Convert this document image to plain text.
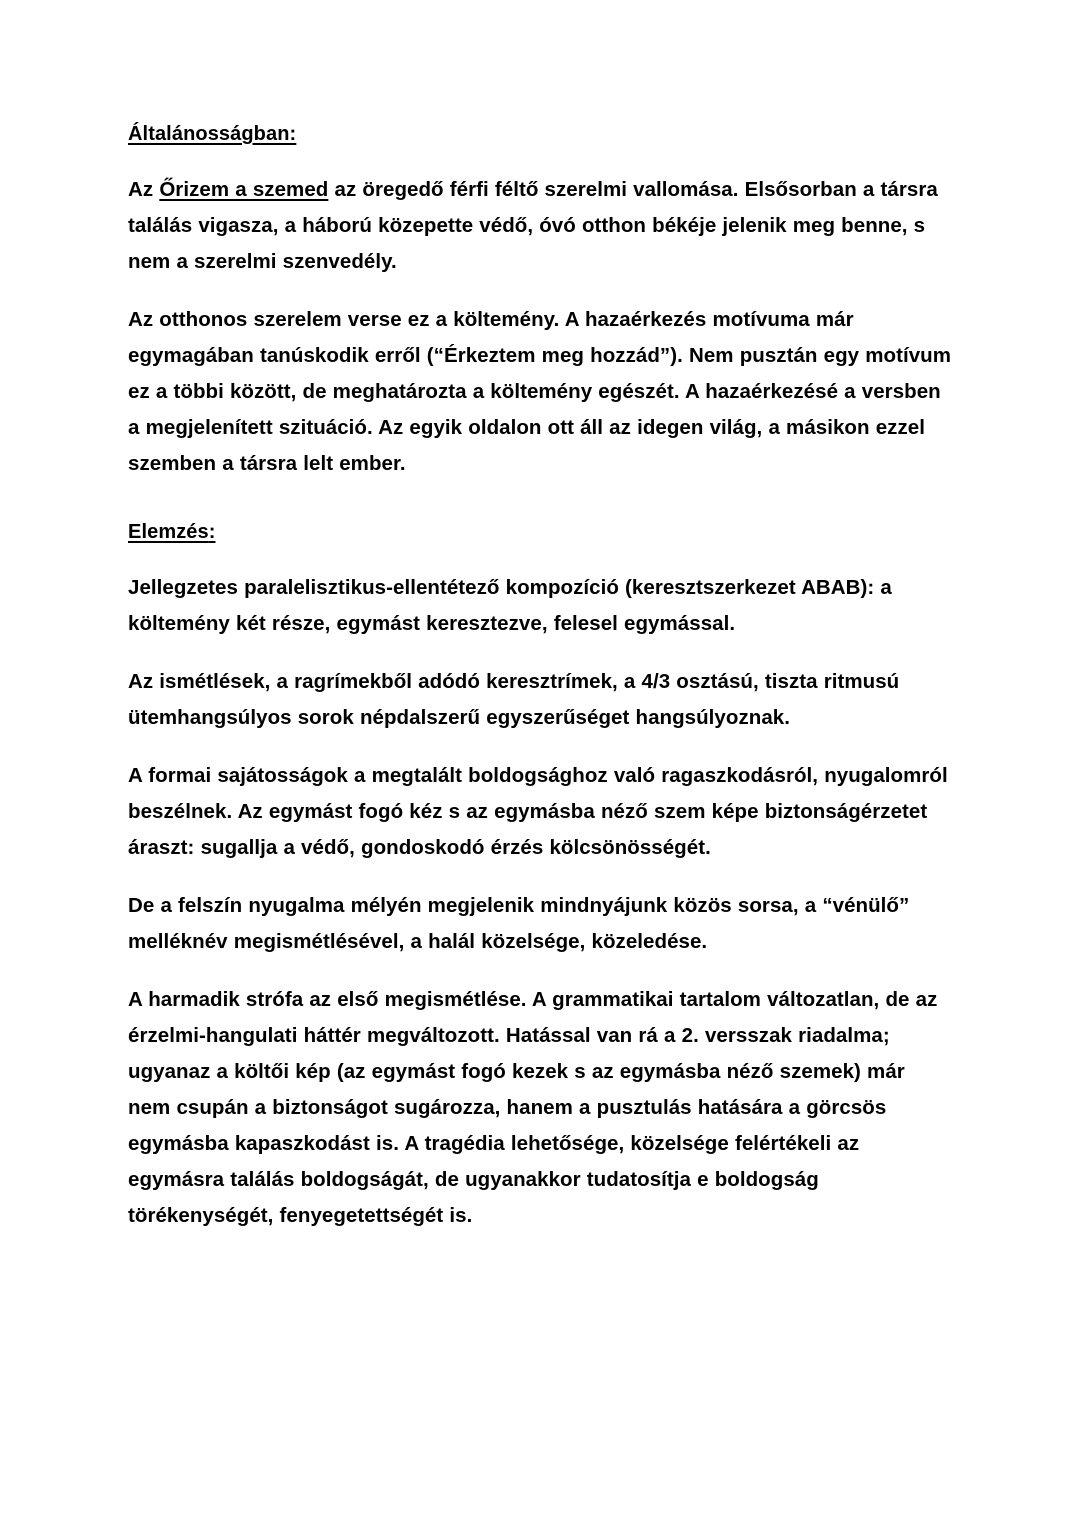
Általánosságban:

Az Őrizem a szemed az öregedő férfi féltő szerelmi vallomása. Elsősorban a társra találás vigasza, a háború közepette védő, óvó otthon békéje jelenik meg benne, s nem a szerelmi szenvedély.

Az otthonos szerelem verse ez a költemény. A hazaérkezés motívuma már egymagában tanúskodik erről (“Érkeztem meg hozzád”). Nem pusztán egy motívum ez a többi között, de meghatározta a költemény egészét. A hazaérkezésé a versben a megjelenített szituáció. Az egyik oldalon ott áll az idegen világ, a másikon ezzel szemben a társra lelt ember.

Elemzés:

Jellegzetes paralelisztikus-ellentétező kompozíció (keresztszerkezet ABAB): a költemény két része, egymást keresztezve, felesel egymással.

Az ismétlések, a ragrímekből adódó keresztrímek, a 4/3 osztású, tiszta ritmusú ütemhangsúlyos sorok népdalszerű egyszerűséget hangsúlyoznak.

A formai sajátosságok a megtalált boldogsághoz való ragaszkodásról, nyugalomról beszélnek. Az egymást fogó kéz s az egymásba néző szem képe biztonságérzetet áraszt: sugallja a védő, gondoskodó érzés kölcsönösségét.

De a felszín nyugalma mélyén megjelenik mindnyájunk közös sorsa, a “vénülő” melléknév megismétlésével, a halál közelsége, közeledése.

A harmadik strófa az első megismétlése. A grammatikai tartalom változatlan, de az érzelmi-hangulati háttér megváltozott. Hatással van rá a 2. versszak riadalma; ugyanaz a költői kép (az egymást fogó kezek s az egymásba néző szemek) már nem csupán a biztonságot sugározza, hanem a pusztulás hatására a görcsös egymásba kapaszkodást is. A tragédia lehetősége, közelsége felértékeli az egymásra találás boldogságát, de ugyanakkor tudatosítja e boldogság törékenységét, fenyegetettségét is.
